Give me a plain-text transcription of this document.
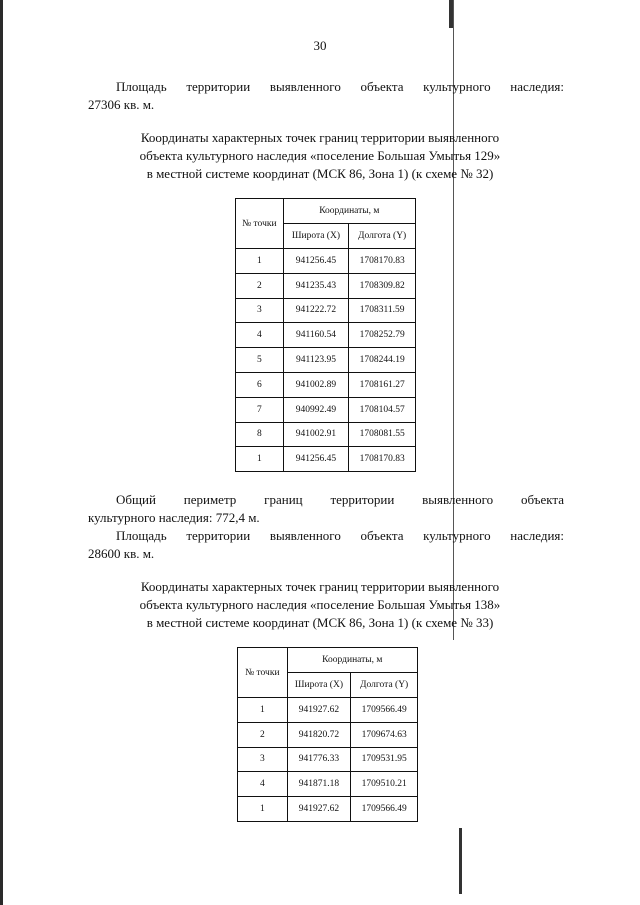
30
Площадь территории выявленного объекта культурного наследия:
27306 кв. м.
Координаты характерных точек границ территории выявленного
объекта культурного наследия «поселение Большая Умытья 129»
в местной системе координат (МСК 86, Зона 1) (к схеме № 32)
№ точки	Координаты, м	
	Широта (X)	Долгота (Y)
1	941256.45	1708170.83
2	941235.43	1708309.82
3	941222.72	1708311.59
4	941160.54	1708252.79
5	941123.95	1708244.19
6	941002.89	1708161.27
7	940992.49	1708104.57
8	941002.91	1708081.55
1	941256.45	1708170.83
Общий периметр границ территории выявленного объекта
культурного наследия: 772,4 м.
Площадь территории выявленного объекта культурного наследия:
28600 кв. м.
Координаты характерных точек границ территории выявленного
объекта культурного наследия «поселение Большая Умытья 138»
в местной системе координат (МСК 86, Зона 1) (к схеме № 33)
№ точки	Координаты, м	
	Широта (X)	Долгота (Y)
1	941927.62	1709566.49
2	941820.72	1709674.63
3	941776.33	1709531.95
4	941871.18	1709510.21
1	941927.62	1709566.49
